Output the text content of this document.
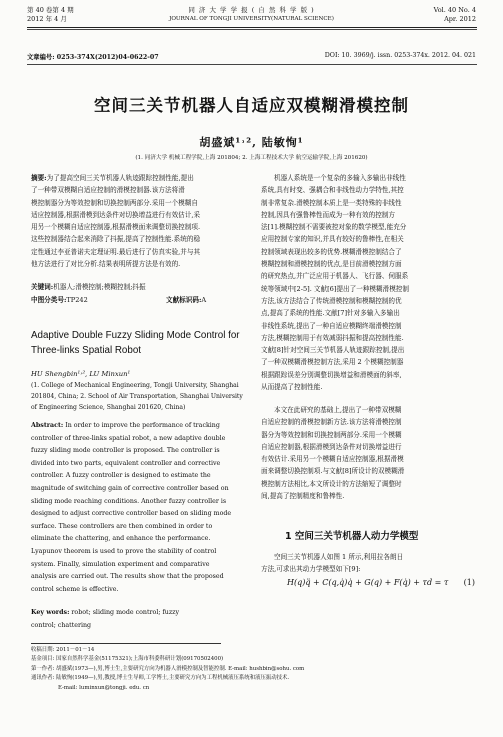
第 40 卷第 4 期
2012 年 4 月
同 济 大 学 学 报 ( 自 然 科 学 版 )
JOURNAL OF TONGJI UNIVERSITY(NATURAL SCIENCE)
Vol. 40 No. 4
Apr. 2012
文章编号: 0253-374X(2012)04-0622-07	DOI: 10. 3969/j. issn. 0253-374x. 2012. 04. 021
空间三关节机器人自适应双模糊滑模控制
胡盛斌¹˒², 陆敏恂¹
(1. 同济大学 机械工程学院,上海 201804; 2. 上海工程技术大学 航空运输学院,上海 201620)
摘要:为了提高空间三关节机器人轨迹跟踪控制性能,提出
了一种带双模糊自适应控制的滑模控制器.该方法将滑
模控制器分为等效控制和切换控制两部分.采用一个模糊自
适应控制器,根据滑模到达条件对切换增益进行有效估计,采
用另一个模糊自适应控制器,根据滑模面来调整切换控制项.
这些控制器结合起来消除了抖振,提高了控制性能.系统的稳
定性通过李亚普诺夫定理证明.最后进行了仿真实验,并与其
他方法进行了对比分析.结果表明所提方法是有效的.
关键词:机器人;滑模控制;模糊控制;抖振
中图分类号:TP242	文献标识码:A
Adaptive Double Fuzzy Sliding Mode Control for
Three-links Spatial Robot
HU Shengbin¹˒², LU Minxun¹
(1. College of Mechanical Engineering, Tongji University, Shanghai
201804, China; 2. School of Air Transportation, Shanghai University
of Engineering Science, Shanghai 201620, China)
Abstract: In order to improve the performance of tracking
controller of three-links spatial robot, a new adaptive double
fuzzy sliding mode controller is proposed. The controller is
divided into two parts, equivalent controller and corrective
controller. A fuzzy controller is designed to estimate the
magnitude of switching gain of corrective controller based on
sliding mode reaching conditions. Another fuzzy controller is
designed to adjust corrective controller based on sliding mode
surface. These controllers are then combined in order to
eliminate the chattering, and enhance the performance.
Lyapunov theorem is used to prove the stability of control
system. Finally, simulation experiment and comparative
analysis are carried out. The results show that the proposed
control scheme is effective.
Key words: robot; sliding mode control; fuzzy
control; chattering
机器人系统是一个复杂的多输入多输出非线性
系统,具有时变、强耦合和非线性动力学特性,其控
制非常复杂.滑模控制本质上是一类特殊的非线性
控制,因具有强鲁棒性而成为一种有效的控制方
法[1].模糊控制不需要被控对象的数学模型,能充分
应用控制专家的知识,并具有较好的鲁棒性,在相关
控制领域表现出较多的优势.模糊滑模控制结合了
模糊控制和滑模控制的优点,是目前滑模控制方面
的研究热点,并广泛应用于机器人、飞行器、伺服系
统等领域中[2-5]. 文献[6]提出了一种模糊滑模控制
方法,该方法结合了传统滑模控制和模糊控制的优
点,提高了系统的性能.文献[7]针对多输入多输出
非线性系统,提出了一种自适应模糊终端滑模控制
方法,模糊控制用于有效减弱抖振和提高控制性能.
文献[8]针对空间三关节机器人轨迹跟踪控制,提出
了一种双模糊滑模控制方法,采用 2 个模糊控制器
根据跟踪误差分别调整切换增益和滑模面的斜率,
从而提高了控制性能.
本文在此研究的基础上,提出了一种带双模糊
自适应控制的滑模控制新方法.该方法将滑模控制
器分为等效控制和切换控制两部分.采用一个模糊
自适应控制器,根据滑模到达条件对切换增益进行
有效估计.采用另一个模糊自适应控制器,根据滑模
面来调整切换控制项.与文献[8]所设计的双模糊滑
模控制方法相比,本文所设计的方法缩短了调整时
间,提高了控制精度和鲁棒性.
1 空间三关节机器人动力学模型
空间三关节机器人如图 1 所示,利用拉各朗日
方法,可求出其动力学模型如下[9]:
H(q)q̈ + C(q,q̇)q̇ + G(q) + F(q̇) + τd = τ (1)
收稿日期: 2011－01－14
基金项目: 国家自然科学基金(51175321);上海市科委科研计划(09170502400)
第一作者: 胡盛斌(1973—),男,博士生,主要研究方向为机器人滑模控制及智能控制. E-mail: hushbin@sohu. com
通讯作者: 陆敏恂(1949—),男,教授,博士生导师,工学博士,主要研究方向为工程机械液压系统和液压振动技术.
E-mail: luminxun@tongji. edu. cn
